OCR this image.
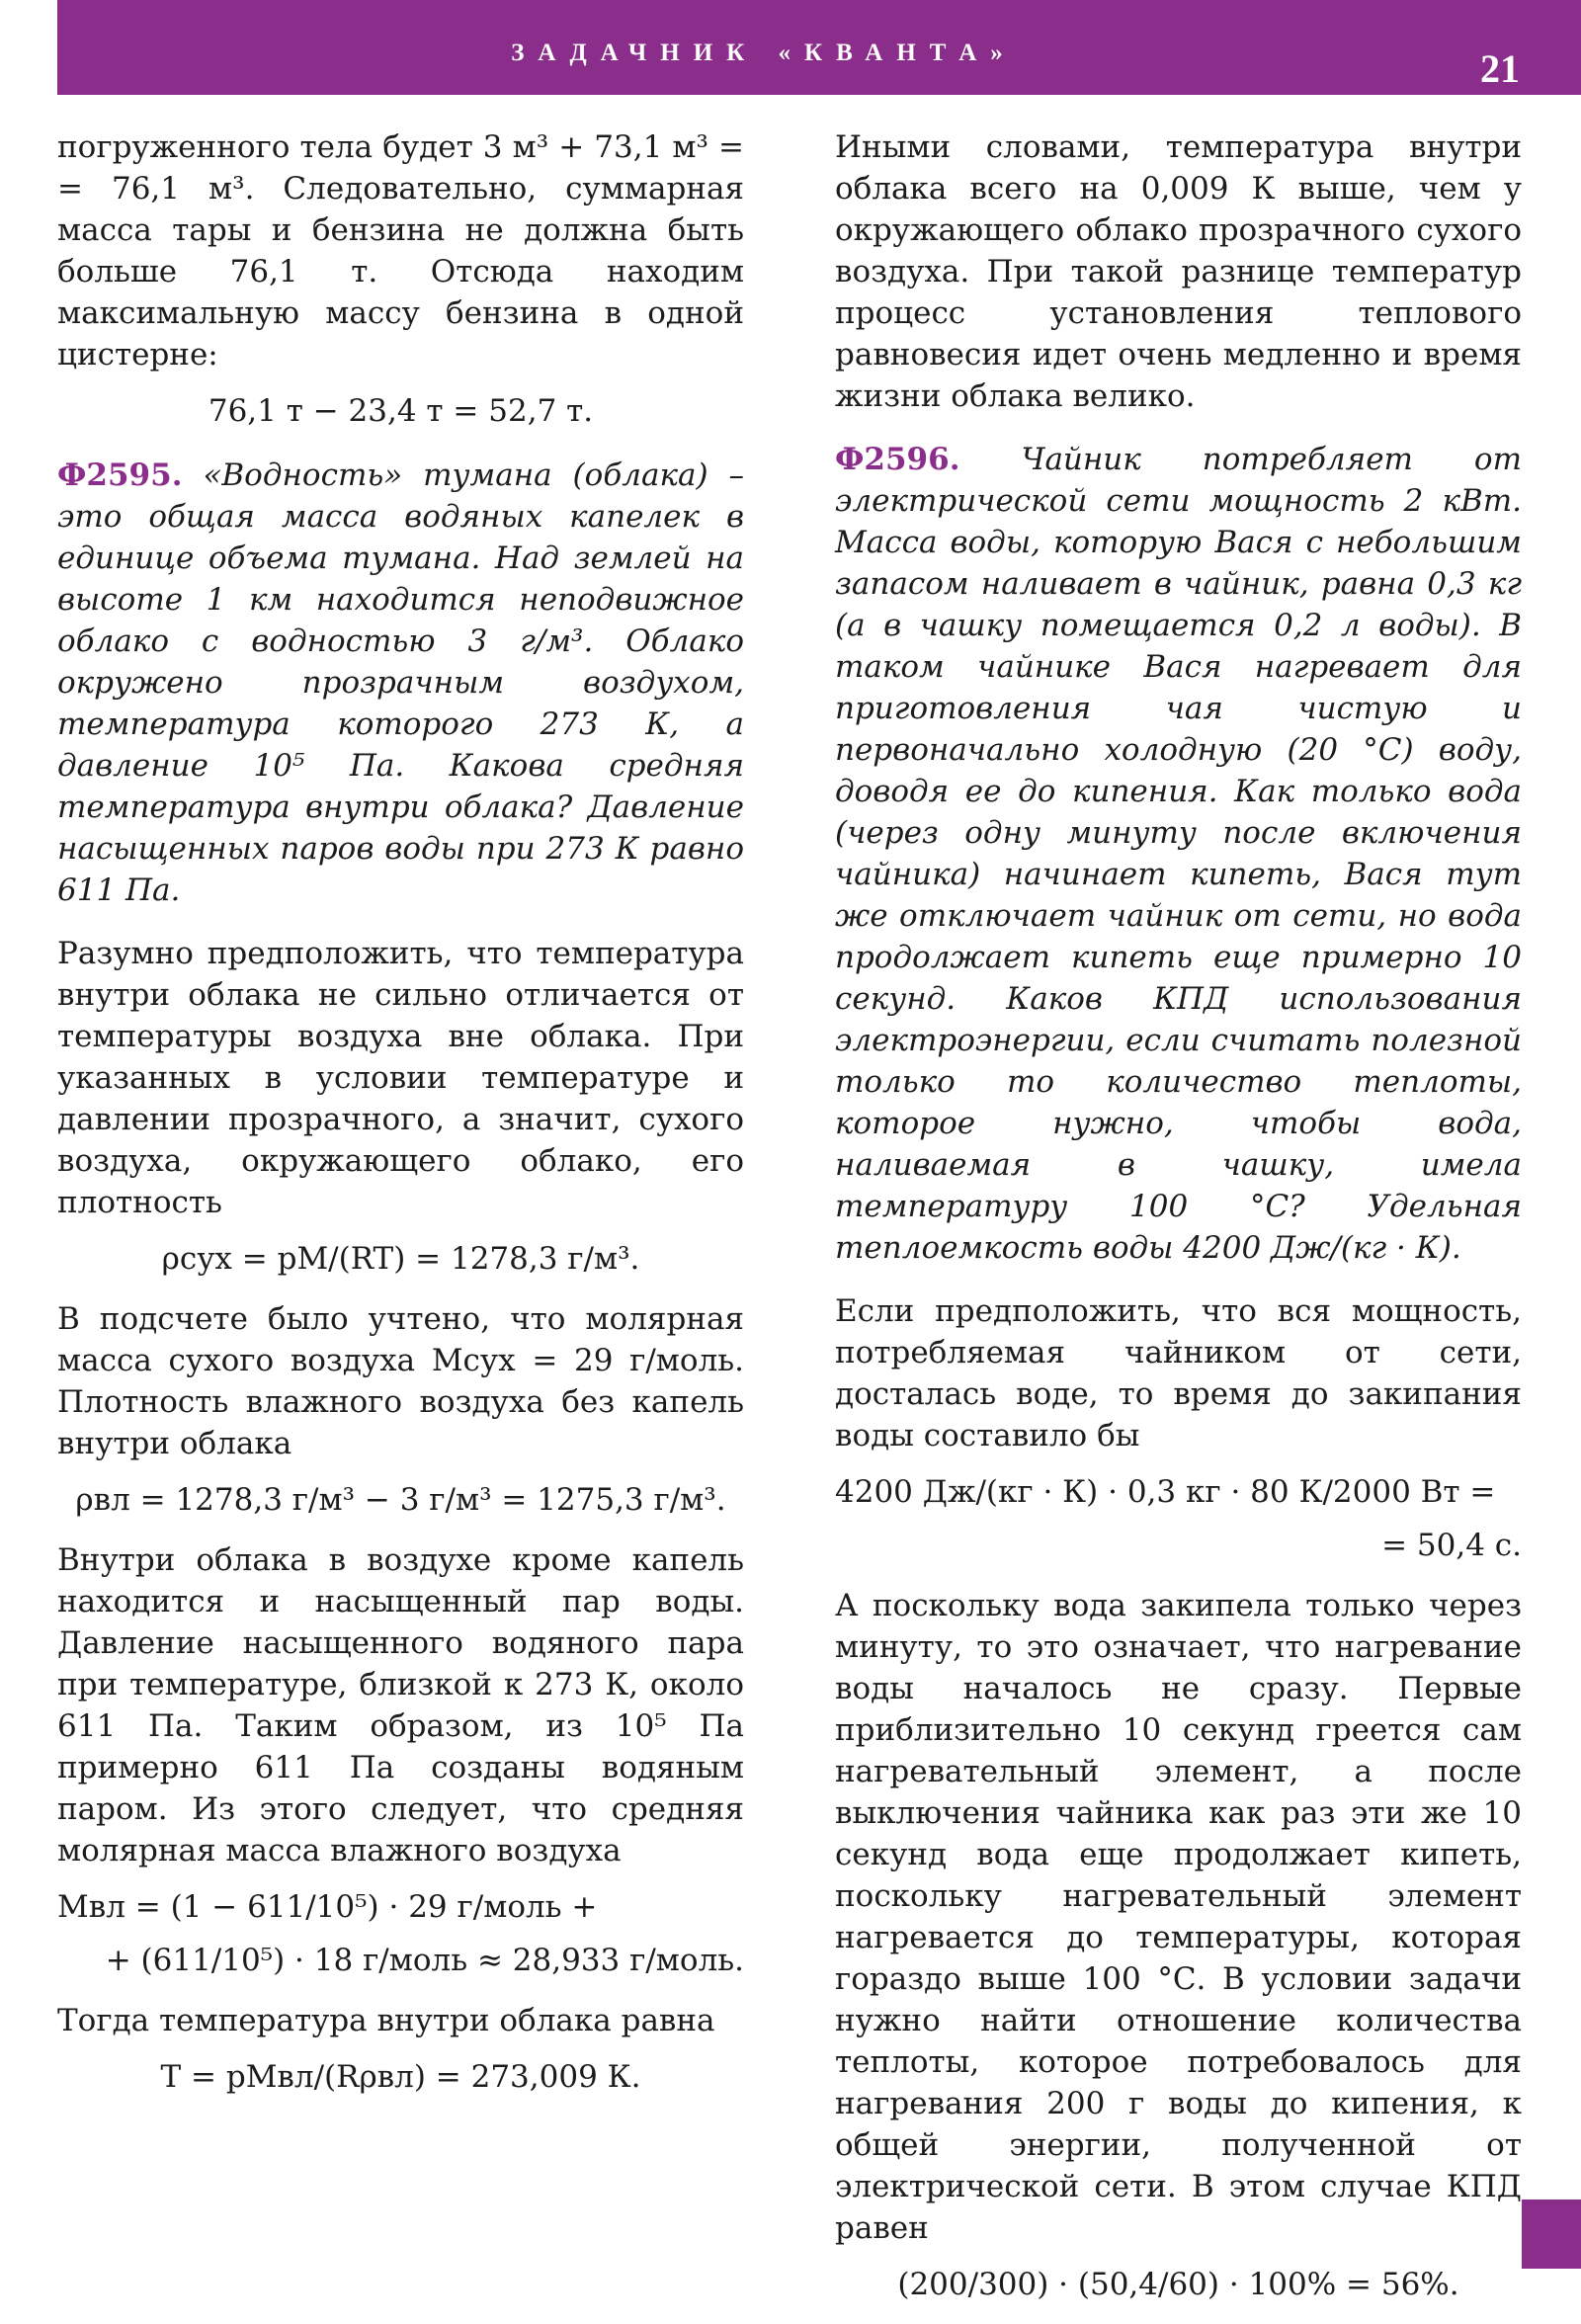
ЗАДАЧНИК «КВАНТА»	21

погруженного тела будет 3 м³ + 73,1 м³ = = 76,1 м³. Следовательно, суммарная масса тары и бензина не должна быть больше 76,1 т. Отсюда находим максимальную массу бензина в одной цистерне:

76,1 т − 23,4 т = 52,7 т.

Ф2595. «Водность» тумана (облака) – это общая масса водяных капелек в единице объема тумана. Над землей на высоте 1 км находится неподвижное облако с водностью 3 г/м³. Облако окружено прозрачным воздухом, температура которого 273 К, а давление 10⁵ Па. Какова средняя температура внутри облака? Давление насыщенных паров воды при 273 К равно 611 Па.

Разумно предположить, что температура внутри облака не сильно отличается от температуры воздуха вне облака. При указанных в условии температуре и давлении прозрачного, а значит, сухого воздуха, окружающего облако, его плотность

ρсух = pM/(RT) = 1278,3 г/м³.

В подсчете было учтено, что молярная масса сухого воздуха Mсух = 29 г/моль. Плотность влажного воздуха без капель внутри облака

ρвл = 1278,3 г/м³ − 3 г/м³ = 1275,3 г/м³.

Внутри облака в воздухе кроме капель находится и насыщенный пар воды. Давление насыщенного водяного пара при температуре, близкой к 273 К, около 611 Па. Таким образом, из 10⁵ Па примерно 611 Па созданы водяным паром. Из этого следует, что средняя молярная масса влажного воздуха

Mвл = (1 − 611/10⁵) · 29 г/моль +
+ (611/10⁵) · 18 г/моль ≈ 28,933 г/моль.

Тогда температура внутри облака равна

T = pMвл/(Rρвл) = 273,009 К.

Иными словами, температура внутри облака всего на 0,009 К выше, чем у окружающего облако прозрачного сухого воздуха. При такой разнице температур процесс установления теплового равновесия идет очень медленно и время жизни облака велико.

Ф2596. Чайник потребляет от электрической сети мощность 2 кВт. Масса воды, которую Вася с небольшим запасом наливает в чайник, равна 0,3 кг (а в чашку помещается 0,2 л воды). В таком чайнике Вася нагревает для приготовления чая чистую и первоначально холодную (20 °С) воду, доводя ее до кипения. Как только вода (через одну минуту после включения чайника) начинает кипеть, Вася тут же отключает чайник от сети, но вода продолжает кипеть еще примерно 10 секунд. Каков КПД использования электроэнергии, если считать полезной только то количество теплоты, которое нужно, чтобы вода, наливаемая в чашку, имела температуру 100 °С? Удельная теплоемкость воды 4200 Дж/(кг · К).

Если предположить, что вся мощность, потребляемая чайником от сети, досталась воде, то время до закипания воды составило бы

4200 Дж/(кг · К) · 0,3 кг · 80 К/2000 Вт =
= 50,4 с.

А поскольку вода закипела только через минуту, то это означает, что нагревание воды началось не сразу. Первые приблизительно 10 секунд греется сам нагревательный элемент, а после выключения чайника как раз эти же 10 секунд вода еще продолжает кипеть, поскольку нагревательный элемент нагревается до температуры, которая гораздо выше 100 °С. В условии задачи нужно найти отношение количества теплоты, которое потребовалось для нагревания 200 г воды до кипения, к общей энергии, полученной от электрической сети. В этом случае КПД равен

(200/300) · (50,4/60) · 100% = 56%.
